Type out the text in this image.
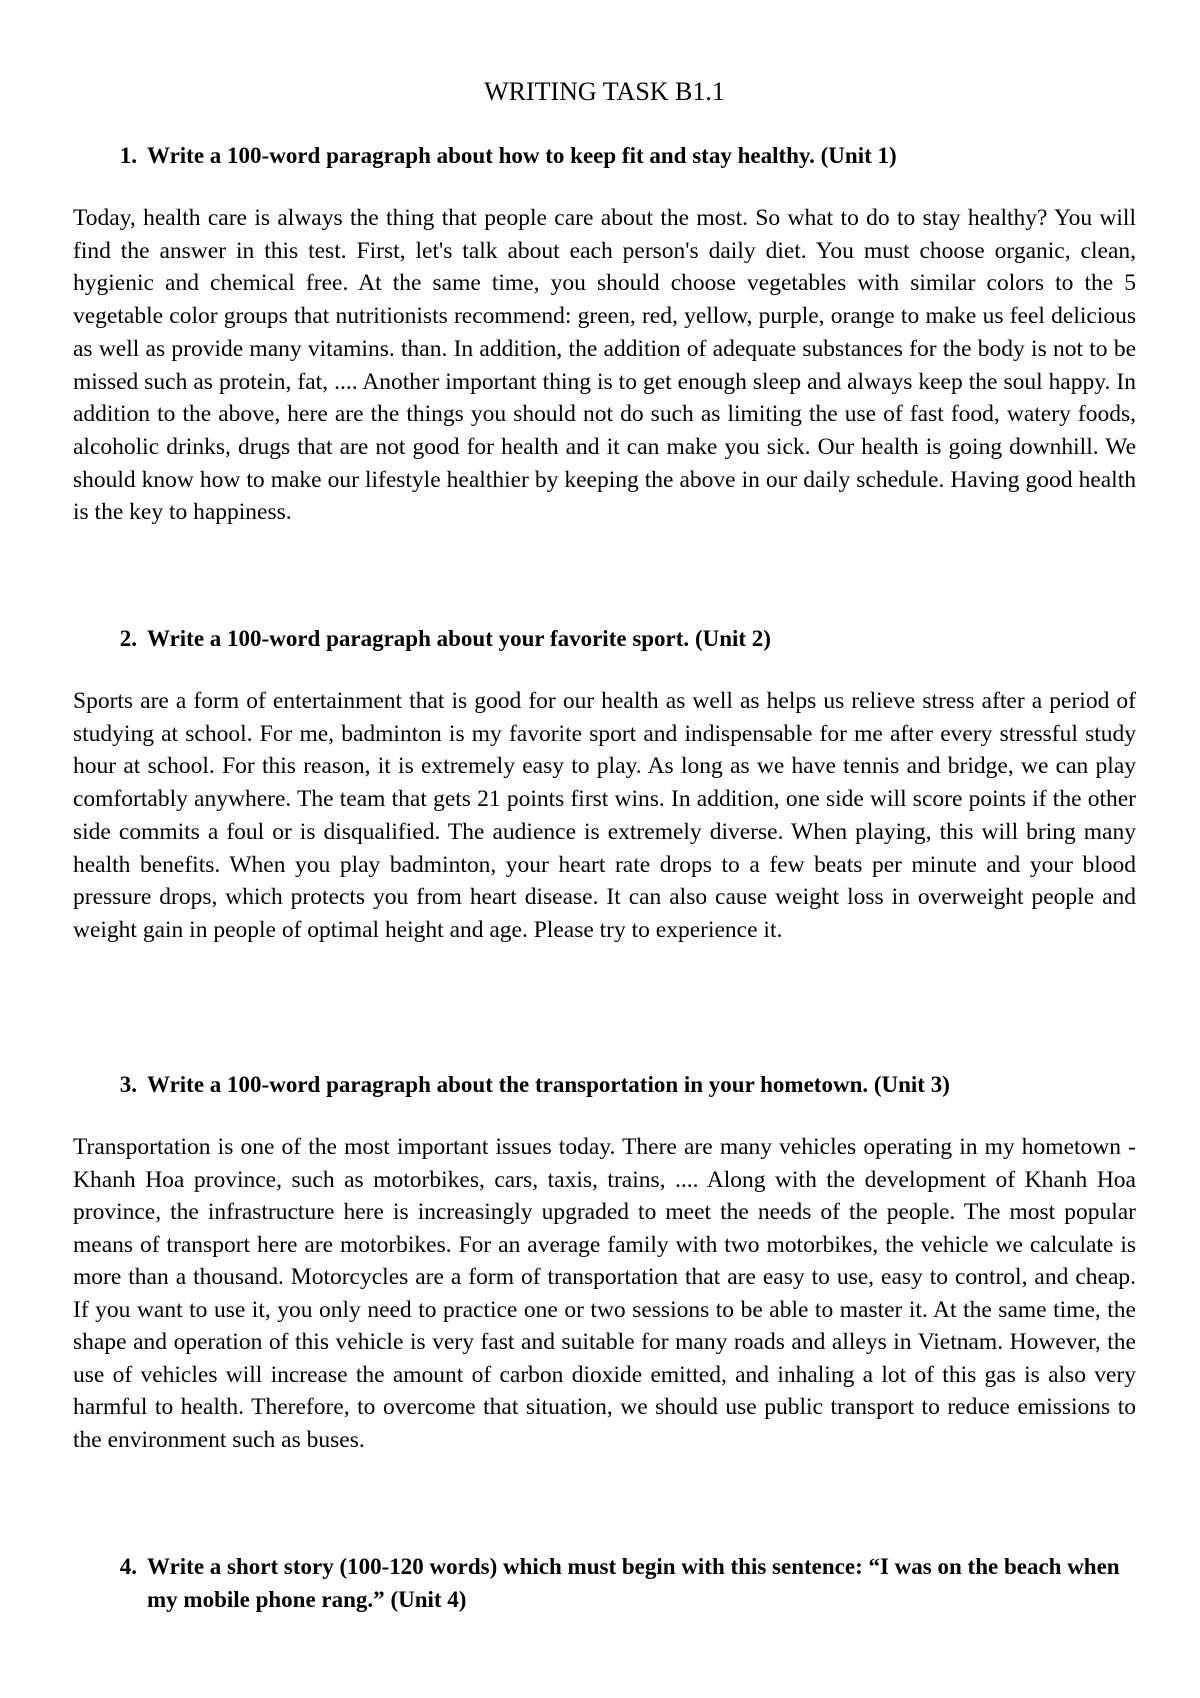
WRITING TASK B1.1
1. Write a 100-word paragraph about how to keep fit and stay healthy. (Unit 1)

Today, health care is always the thing that people care about the most. So what to do to stay healthy? You will find the answer in this test. First, let's talk about each person's daily diet. You must choose organic, clean, hygienic and chemical free. At the same time, you should choose vegetables with similar colors to the 5 vegetable color groups that nutritionists recommend: green, red, yellow, purple, orange to make us feel delicious as well as provide many vitamins. than. In addition, the addition of adequate substances for the body is not to be missed such as protein, fat, .... Another important thing is to get enough sleep and always keep the soul happy. In addition to the above, here are the things you should not do such as limiting the use of fast food, watery foods, alcoholic drinks, drugs that are not good for health and it can make you sick. Our health is going downhill. We should know how to make our lifestyle healthier by keeping the above in our daily schedule. Having good health is the key to happiness.

2. Write a 100-word paragraph about your favorite sport. (Unit 2)

Sports are a form of entertainment that is good for our health as well as helps us relieve stress after a period of studying at school. For me, badminton is my favorite sport and indispensable for me after every stressful study hour at school. For this reason, it is extremely easy to play. As long as we have tennis and bridge, we can play comfortably anywhere. The team that gets 21 points first wins. In addition, one side will score points if the other side commits a foul or is disqualified. The audience is extremely diverse. When playing, this will bring many health benefits. When you play badminton, your heart rate drops to a few beats per minute and your blood pressure drops, which protects you from heart disease. It can also cause weight loss in overweight people and weight gain in people of optimal height and age. Please try to experience it.

3. Write a 100-word paragraph about the transportation in your hometown. (Unit 3)

Transportation is one of the most important issues today. There are many vehicles operating in my hometown - Khanh Hoa province, such as motorbikes, cars, taxis, trains, .... Along with the development of Khanh Hoa province, the infrastructure here is increasingly upgraded to meet the needs of the people. The most popular means of transport here are motorbikes. For an average family with two motorbikes, the vehicle we calculate is more than a thousand. Motorcycles are a form of transportation that are easy to use, easy to control, and cheap. If you want to use it, you only need to practice one or two sessions to be able to master it. At the same time, the shape and operation of this vehicle is very fast and suitable for many roads and alleys in Vietnam. However, the use of vehicles will increase the amount of carbon dioxide emitted, and inhaling a lot of this gas is also very harmful to health. Therefore, to overcome that situation, we should use public transport to reduce emissions to the environment such as buses.

4. Write a short story (100-120 words) which must begin with this sentence: “I was on the beach when my mobile phone rang.” (Unit 4)
